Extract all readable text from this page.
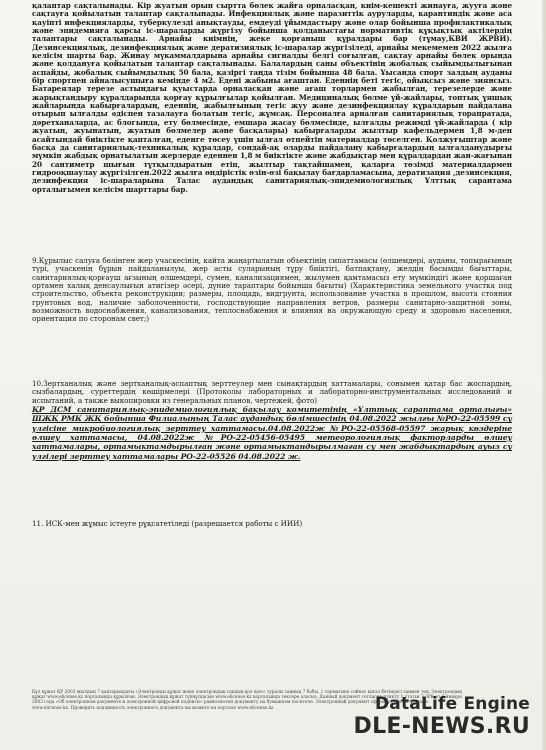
қалаптар сақталынады. Кір жуатын орын сыртта бөлек жайға орналасқан, киім-кешекті жинауға, жууға және сақтауға қойылатын талаптар сақталынады. Инфекциялық және паразиттік ауруларды, карантиндік және аса қауіпті инфекцияларды, туберкулезді анықтауды, емдеуді ұйымдастыру және олар бойынша профилактикалық және эпидемияға қарсы іс-шараларды жүргізу бойынша қолданыстағы нормативтік құқықтық актілердің талаптары сақталынады. Арнайы киімнің, жеке қорғаныш құралдары бар (тұмау,КВИ ЖРВИ). Дезинсекциялық, дезинфекциялық және дератизиялық іс-шаралар жүргізіледі, арнайы мекемемен 2022 жылға келісім шарты бар. Жинау мүкаммалдарына арнайы сигналды белгі соғылған, сақтау арнайы бөлек орында және қолдануға қойылатын талаптар сақталынады. Балалардың саны объектінің жобалық сыйымдылығынан аспайды, жобалық сыйымдылық 50 бала, қазіргі таңда тізім бойынша 48 бала. Ұысанда спорт залдың ауданы бір спортпен айналысушыға кемінде 4 м2. Едені жабыны ағаштан. Еденнің беті тегіс, ойықсыз және зиянсыз. Батареялар терезе астындағы қуыстарда орналасқан және ағаш торлармен жабылған, терезелерде және жарықтандыру құралдарында қорғау құрылғылар қойылған. Медициналық бөлме үй-жайлары, топтық ұяшық жайларында кабырғалардың, еденнің, жабылғының тегіс жуу және дезинфекциялау құралдарын пайдалана отырып ылғалды әдіспен тазалауға болатын тегіс, жұмсақ. Персоналға арналған санитариялық торапратада, дәретханаларда, ас блогында, ету бөлмесінде, емшара жасау бөлмесінде, ылғалды режимді үй-жайларда ( кір жуатын, жуынатын, жуатын бөлмелер және басқалары) кабырғаларды жылтыр кафельдермен 1,8 м-ден асайтындай биіктікте қапталған, еденге төсеу үшін ылғал өтпейтін материалдар төселген. Қолжуғыштар және басқа да санитариялық-техникалық құралдар, сондай-ақ оларды пайдалану кабырғалардың ылғалданудырғы мүмкін жабдық орнатылатын жерлерде еденнен 1,8 м биіктікте және жабдықтар мен құралдардан жан-жағынан 20 сантиметр шығын тұтқылдыратын етіп, жылтыр тақтайшамен, қаларға төзімді материалдармен гидрооқшаулау жүргізілген.2022 жылға өндірістік өзін-өзі бақылау бағдарламасына, дератизация ,дезинсекция, дезинфекция іс-шараларына Талас аудандық санитариялық-эпидемиологиялық Ұлттық сарантама орталығымен келісім шарттары бар.

9.Құрылыс салуға бөлінген жер учаскесінің, кайта жаңартылатын объектінің сипаттамасы (өлшемдері, ауданы, топырағының түрі, учаскенің бұрын пайдаланылуы, жер асты суларының тұру биіктігі, батпақтану, желдің басымды бағыттары, санитариялық-қорғауш ағзының өлшемдері, сумен, канализациямен, жылумен қамтамасыз ету мүмкіндігі және қоршаған ортамен халық денсаулығын атигізер әсері, дүние тараптары бойынша бағыты) (Характеристика земельного участка под строительство, объекта реконструкции; размеры, площадь, видгрунта, использование участка в прошлом, высота стояния грунтовых вод, наличие заболоченности, господствующие направления ветров, размеры санитарно-защитной зоны, возможность водоснабжения, канализования, теплоснабжения и влияния на окружающую среду и здоровью населения, ориентация по сторонам свет;)

10.Зертханалық және зертханалық-аспаптық зерттеулер мен сынақтардың хаттамалары, сонымен қатар бас жоспардың, сызбалардың, суреттердің көшірмелері (Протоколы лабораторных и лабораторно-инструментальных исследований и испытаний, а также выкопировки из генеральных планов, чертежей, фото)

ҚР ДСМ санитариялық-эпидемиологиялық бақылау комитетінің «Ұлттық сараптама орталығы» ШЖҚ РМК ЖҚ бойынша Филиалының Талас аудандық бөлімшесінің 04.08.2022 жылғы №РО-22-05599 су үлгісіне микробиологиялық зерттеу хаттамасы.04.08.2022ж №РО-22-05568-05597 жарық көздеріне өлшеу хаттамасы, 04.08.2022ж №РО-22-05456-05495 метеорологиялық факторларды өлшеу хаттамалары, ортамыктамдырылған және ортамыктандырылмаған су мен жабдықтардың ауыз су үлгілері зерттеу хаттамалары РО-22-05526 04.08.2022 ж.

11. ИСК-мен жұмыс істеуге рұқсатетіледі (разрешается работы с ИИИ)

Бұл құжат ҚР 2003 жылдың 7 қаңтарындағы «Электронды құжат және электрондық сандық қол қою» туралы заңның 7 бабы, 1 тармағына сәйкес қағаз бетіндегі заңмен тең. Электрондық құжат www.elicense.kz порталында құрылған. Электрондық құжат түпнұсқасын www.elicense.kz порталында тексере аласыз. Данный документ согласно пункту 1 статьи 7 ЗРК от 7 января 2003 года «Об электронном документе и электронной цифровой подписи» равнозначен документу на бумажном носителе. Электронный документ сформирован на портале www.elicense.kz. Проверить подлинность электронного документа вы можете на портале www.elicense.kz.	DataLife Engine
DLE-NEWS.RU
